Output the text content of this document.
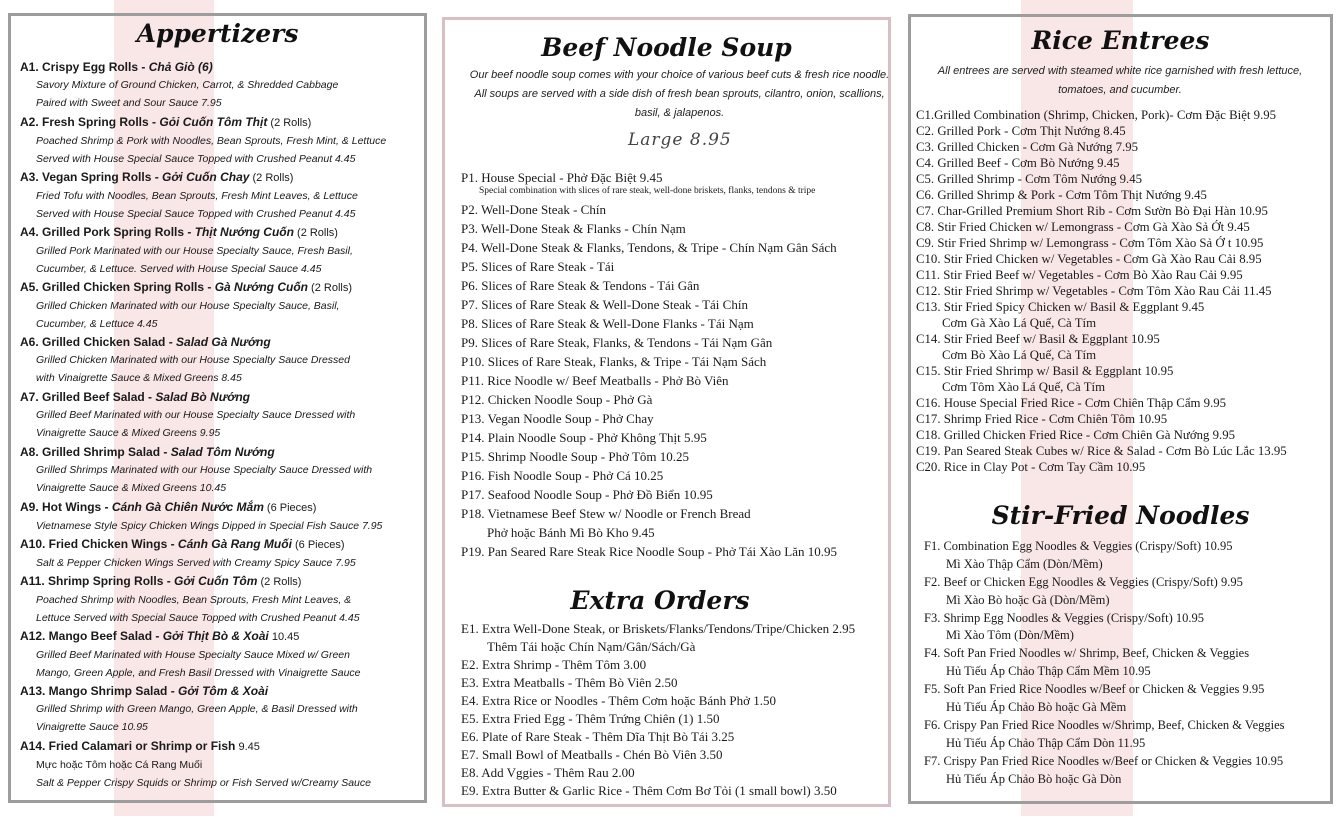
Appertizers
A1. Crispy Egg Rolls - Chả Giò (6)
Savory Mixture of Ground Chicken, Carrot, & Shredded Cabbage
Paired with Sweet and Sour Sauce 7.95
A2. Fresh Spring Rolls - Gỏi Cuốn Tôm Thịt (2 Rolls)
Poached Shrimp & Pork with Noodles, Bean Sprouts, Fresh Mint, & Lettuce
Served with House Special Sauce Topped with Crushed Peanut 4.45
A3. Vegan Spring Rolls - Gởi Cuốn Chay (2 Rolls)
Fried Tofu with Noodles, Bean Sprouts, Fresh Mint Leaves, & Lettuce
Served with House Special Sauce Topped with Crushed Peanut 4.45
A4. Grilled Pork Spring Rolls - Thịt Nướng Cuốn (2 Rolls)
Grilled Pork Marinated with our House Specialty Sauce, Fresh Basil,
Cucumber, & Lettuce. Served with House Special Sauce 4.45
A5. Grilled Chicken Spring Rolls - Gà Nướng Cuốn (2 Rolls)
Grilled Chicken Marinated with our House Specialty Sauce, Basil,
Cucumber, & Lettuce 4.45
A6. Grilled Chicken Salad - Salad Gà Nướng
Grilled Chicken Marinated with our House Specialty Sauce Dressed
with Vinaigrette Sauce & Mixed Greens 8.45
A7. Grilled Beef Salad - Salad Bò Nướng
Grilled Beef Marinated with our House Specialty Sauce Dressed with
Vinaigrette Sauce & Mixed Greens 9.95
A8. Grilled Shrimp Salad - Salad Tôm Nướng
Grilled Shrimps Marinated with our House Specialty Sauce Dressed with
Vinaigrette Sauce & Mixed Greens 10.45
A9. Hot Wings - Cánh Gà Chiên Nước Mắm (6 Pieces)
Vietnamese Style Spicy Chicken Wings Dipped in Special Fish Sauce 7.95
A10. Fried Chicken Wings - Cánh Gà Rang Muối (6 Pieces)
Salt & Pepper Chicken Wings Served with Creamy Spicy Sauce 7.95
A11. Shrimp Spring Rolls - Gởi Cuốn Tôm (2 Rolls)
Poached Shrimp with Noodles, Bean Sprouts, Fresh Mint Leaves, &
Lettuce Served with Special Sauce Topped with Crushed Peanut 4.45
A12. Mango Beef Salad - Gởi Thịt Bò & Xoài 10.45
Grilled Beef Marinated with House Specialty Sauce Mixed w/ Green
Mango, Green Apple, and Fresh Basil Dressed with Vinaigrette Sauce
A13. Mango Shrimp Salad - Gởi Tôm & Xoài
Grilled Shrimp with Green Mango, Green Apple, & Basil Dressed with
Vinaigrette Sauce 10.95
A14. Fried Calamari or Shrimp or Fish 9.45
Mực hoặc Tôm hoặc Cá Rang Muối
Salt & Pepper Crispy Squids or Shrimp or Fish Served w/Creamy Sauce
Beef Noodle Soup
Our beef noodle soup comes with your choice of various beef cuts & fresh rice noodle. All soups are served with a side dish of fresh bean sprouts, cilantro, onion, scallions, basil, & jalapenos.
Large 8.95
P1. House Special - Phở Đặc Biệt 9.45
Special combination with slices of rare steak, well-done briskets, flanks, tendons & tripe
P2. Well-Done Steak - Chín
P3. Well-Done Steak & Flanks - Chín Nạm
P4. Well-Done Steak & Flanks, Tendons, & Tripe - Chín Nạm Gân Sách
P5. Slices of Rare Steak - Tái
P6. Slices of Rare Steak & Tendons - Tái Gân
P7. Slices of Rare Steak & Well-Done Steak - Tái Chín
P8. Slices of Rare Steak & Well-Done Flanks - Tái Nạm
P9. Slices of Rare Steak, Flanks, & Tendons - Tái Nạm Gân
P10. Slices of Rare Steak, Flanks, & Tripe - Tái Nạm Sách
P11. Rice Noodle w/ Beef Meatballs - Phở Bò Viên
P12. Chicken Noodle Soup - Phở Gà
P13. Vegan Noodle Soup - Phở Chay
P14. Plain Noodle Soup - Phở Không Thịt 5.95
P15. Shrimp Noodle Soup - Phở Tôm 10.25
P16. Fish Noodle Soup - Phở Cá 10.25
P17. Seafood Noodle Soup - Phở Đồ Biển 10.95
P18. Vietnamese Beef Stew w/ Noodle or French Bread
Phở hoặc Bánh Mì Bò Kho 9.45
P19. Pan Seared Rare Steak Rice Noodle Soup - Phở Tái Xào Lăn 10.95
Extra Orders
E1. Extra Well-Done Steak, or Briskets/Flanks/Tendons/Tripe/Chicken 2.95
Thêm Tái hoặc Chín Nạm/Gân/Sách/Gà
E2. Extra Shrimp - Thêm Tôm 3.00
E3. Extra Meatballs - Thêm Bò Viên 2.50
E4. Extra Rice or Noodles - Thêm Cơm hoặc Bánh Phở 1.50
E5. Extra Fried Egg - Thêm Trứng Chiên (1) 1.50
E6. Plate of Rare Steak - Thêm Dĩa Thịt Bò Tái 3.25
E7. Small Bowl of Meatballs - Chén Bò Viên 3.50
E8. Add Vggies - Thêm Rau 2.00
E9. Extra Butter & Garlic Rice - Thêm Cơm Bơ Tỏi (1 small bowl) 3.50
Rice Entrees
All entrees are served with steamed white rice garnished with fresh lettuce, tomatoes, and cucumber.
C1.Grilled Combination (Shrimp, Chicken, Pork)- Cơm Đặc Biệt 9.95
C2. Grilled Pork - Cơm Thịt Nướng 8.45
C3. Grilled Chicken - Cơm Gà Nướng 7.95
C4. Grilled Beef - Cơm Bò Nướng 9.45
C5. Grilled Shrimp - Cơm Tôm Nướng 9.45
C6. Grilled Shrimp & Pork - Cơm Tôm Thịt Nướng 9.45
C7. Char-Grilled Premium Short Rib - Cơm Sườn Bò Đại Hàn 10.95
C8. Stir Fried Chicken w/ Lemongrass - Cơm Gà Xào Sả Ớt 9.45
C9. Stir Fried Shrimp w/ Lemongrass - Cơm Tôm Xào Sả Ớ t 10.95
C10. Stir Fried Chicken w/ Vegetables - Cơm Gà Xào Rau Cải 8.95
C11. Stir Fried Beef w/ Vegetables - Cơm Bò Xào Rau Cải 9.95
C12. Stir Fried Shrimp w/ Vegetables - Cơm Tôm Xào Rau Cải 11.45
C13. Stir Fried Spicy Chicken w/ Basil & Eggplant 9.45
Cơm Gà Xào Lá Quế, Cà Tím
C14. Stir Fried Beef w/ Basil & Eggplant 10.95
Cơm Bò Xào Lá Quế, Cà Tím
C15. Stir Fried Shrimp w/ Basil & Eggplant 10.95
Cơm Tôm Xào Lá Quế, Cà Tím
C16. House Special Fried Rice - Cơm Chiên Thập Cẩm 9.95
C17. Shrimp Fried Rice - Cơm Chiên Tôm 10.95
C18. Grilled Chicken Fried Rice - Cơm Chiên Gà Nướng 9.95
C19. Pan Seared Steak Cubes w/ Rice & Salad - Cơm Bò Lúc Lắc 13.95
C20. Rice in Clay Pot - Cơm Tay Cầm 10.95
Stir-Fried Noodles
F1. Combination Egg Noodles & Veggies (Crispy/Soft) 10.95
Mì Xào Thập Cẩm (Dòn/Mềm)
F2. Beef or Chicken Egg Noodles & Veggies (Crispy/Soft) 9.95
Mì Xào Bò hoặc Gà (Dòn/Mềm)
F3. Shrimp Egg Noodles & Veggies (Crispy/Soft) 10.95
Mì Xào Tôm (Dòn/Mềm)
F4. Soft Pan Fried Noodles w/ Shrimp, Beef, Chicken & Veggies
Hủ Tiếu Áp Chảo Thập Cẩm Mềm 10.95
F5. Soft Pan Fried Rice Noodles w/Beef or Chicken & Veggies 9.95
Hủ Tiếu Áp Chảo Bò hoặc Gà Mềm
F6. Crispy Pan Fried Rice Noodles w/Shrimp, Beef, Chicken & Veggies
Hủ Tiếu Áp Chảo Thập Cẩm Dòn 11.95
F7. Crispy Pan Fried Rice Noodles w/Beef or Chicken & Veggies 10.95
Hủ Tiếu Áp Chảo Bò hoặc Gà Dòn
